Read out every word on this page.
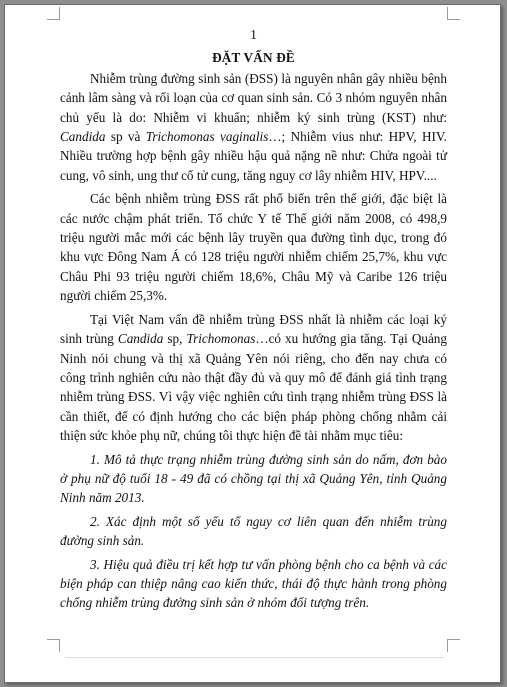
1
ĐẶT VẤN ĐỀ

Nhiễm trùng đường sinh sản (ĐSS) là nguyên nhân gây nhiều bệnh cảnh lâm sàng và rối loạn của cơ quan sinh sản. Có 3 nhóm nguyên nhân chủ yếu là do: Nhiễm vi khuẩn; nhiễm ký sinh trùng (KST) như: Candida sp và Trichomonas vaginalis…; Nhiễm vius như: HPV, HIV. Nhiều trường hợp bệnh gây nhiều hậu quả nặng nề như: Chửa ngoài tử cung, vô sinh, ung thư cổ tử cung, tăng nguy cơ lây nhiễm HIV, HPV....

Các bệnh nhiễm trùng ĐSS rất phổ biến trên thế giới, đặc biệt là các nước chậm phát triển. Tổ chức Y tế Thế giới năm 2008, có 498,9 triệu người mắc mới các bệnh lây truyền qua đường tình dục, trong đó khu vực Đông Nam Á có 128 triệu người nhiễm chiếm 25,7%, khu vực Châu Phi 93 triệu người chiếm 18,6%, Châu Mỹ và Caribe 126 triệu người chiếm 25,3%.

Tại Việt Nam vấn đề nhiễm trùng ĐSS nhất là nhiễm các loại ký sinh trùng Candida sp, Trichomonas…có xu hướng gia tăng. Tại Quảng Ninh nói chung và thị xã Quảng Yên nói riêng, cho đến nay chưa có công trình nghiên cứu nào thật đầy đủ và quy mô để đánh giá tình trạng nhiễm trùng ĐSS. Vì vậy việc nghiên cứu tình trạng nhiễm trùng ĐSS là cần thiết, để có định hướng cho các biện pháp phòng chống nhằm cải thiện sức khỏe phụ nữ, chúng tôi thực hiện đề tài nhằm mục tiêu:

1. Mô tả thực trạng nhiễm trùng đường sinh sản do nấm, đơn bào ở phụ nữ độ tuổi 18 - 49 đã có chồng tại thị xã Quảng Yên, tỉnh Quảng Ninh năm 2013.

2. Xác định một số yếu tố nguy cơ liên quan đến nhiễm trùng đường sinh sản.

3. Hiệu quả điều trị kết hợp tư vấn phòng bệnh cho ca bệnh và các biện pháp can thiệp nâng cao kiến thức, thái độ thực hành trong phòng chống nhiễm trùng đường sinh sản ở nhóm đối tượng trên.
